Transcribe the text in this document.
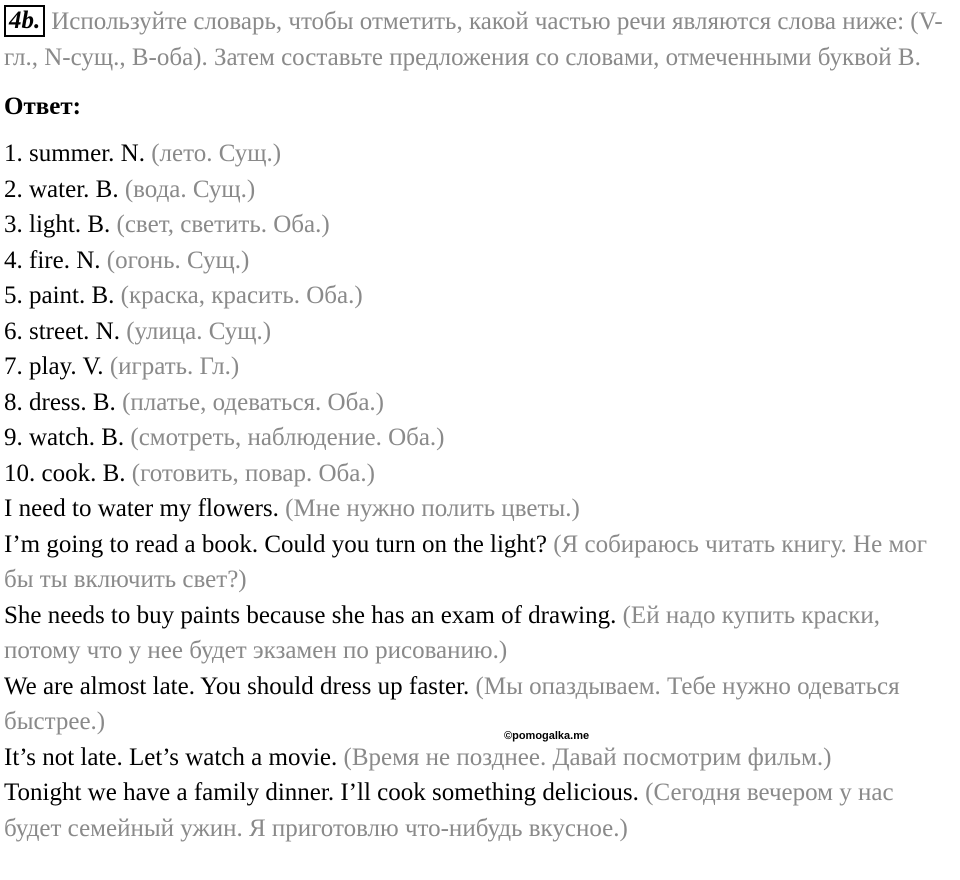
4b. Используйте словарь, чтобы отметить, какой частью речи являются слова ниже: (V-гл., N-сущ., B-оба). Затем составьте предложения со словами, отмеченными буквой B.

Ответ:

1. summer. N. (лето. Сущ.)

2. water. B. (вода. Сущ.)

3. light. B. (свет, светить. Оба.)

4. fire. N. (огонь. Сущ.)

5. paint. B. (краска, красить. Оба.)

6. street. N. (улица. Сущ.)

7. play. V. (играть. Гл.)

8. dress. B. (платье, одеваться. Оба.)

9. watch. B. (смотреть, наблюдение. Оба.)

10. cook. B. (готовить, повар. Оба.)

I need to water my flowers. (Мне нужно полить цветы.)

I’m going to read a book. Could you turn on the light? (Я собираюсь читать книгу. Не мог бы ты включить свет?)

She needs to buy paints because she has an exam of drawing. (Ей надо купить краски, потому что у нее будет экзамен по рисованию.)

We are almost late. You should dress up faster. (Мы опаздываем. Тебе нужно одеваться быстрее.)

It’s not late. Let’s watch a movie. (Время не позднее. Давай посмотрим фильм.)

Tonight we have a family dinner. I’ll cook something delicious. (Сегодня вечером у нас будет семейный ужин. Я приготовлю что-нибудь вкусное.)

©pomogalka.me
